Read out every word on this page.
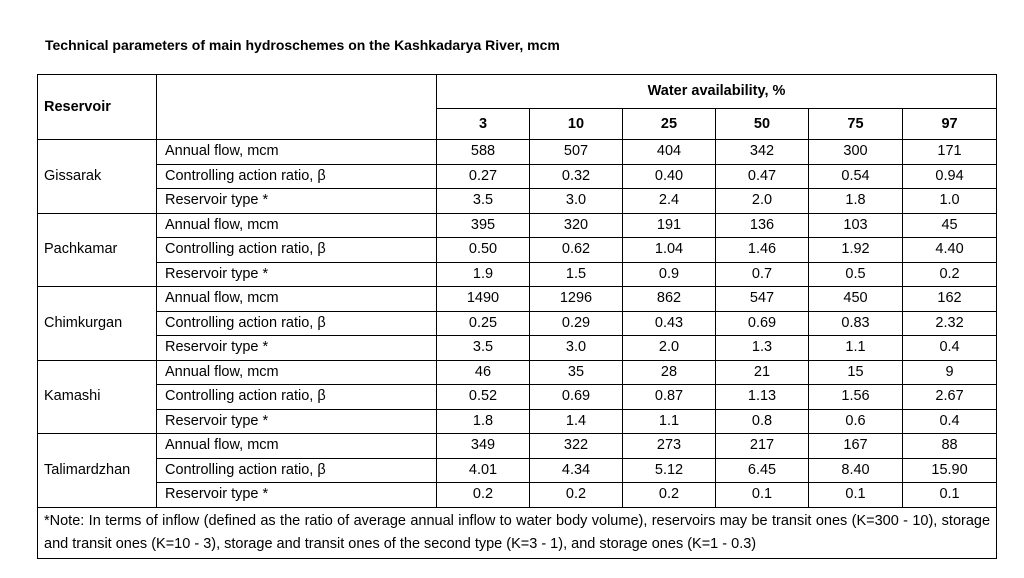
Technical parameters of main hydroschemes on the Kashkadarya River, mcm
Reservoir		Water availability, %					
		3	10	25	50	75	97
Gissarak	Annual flow, mcm	588	507	404	342	300	171
	Controlling action ratio, β	0.27	0.32	0.40	0.47	0.54	0.94
	Reservoir type *	3.5	3.0	2.4	2.0	1.8	1.0
Pachkamar	Annual flow, mcm	395	320	191	136	103	45
	Controlling action ratio, β	0.50	0.62	1.04	1.46	1.92	4.40
	Reservoir type *	1.9	1.5	0.9	0.7	0.5	0.2
Chimkurgan	Annual flow, mcm	1490	1296	862	547	450	162
	Controlling action ratio, β	0.25	0.29	0.43	0.69	0.83	2.32
	Reservoir type *	3.5	3.0	2.0	1.3	1.1	0.4
Kamashi	Annual flow, mcm	46	35	28	21	15	9
	Controlling action ratio, β	0.52	0.69	0.87	1.13	1.56	2.67
	Reservoir type *	1.8	1.4	1.1	0.8	0.6	0.4
Talimardzhan	Annual flow, mcm	349	322	273	217	167	88
	Controlling action ratio, β	4.01	4.34	5.12	6.45	8.40	15.90
	Reservoir type *	0.2	0.2	0.2	0.1	0.1	0.1
*Note: In terms of inflow (defined as the ratio of average annual inflow to water body volume), reservoirs may be transit ones (K=300 - 10), storage and transit ones (K=10 - 3), storage and transit ones of the second type (K=3 - 1), and storage ones (K=1 - 0.3)							
